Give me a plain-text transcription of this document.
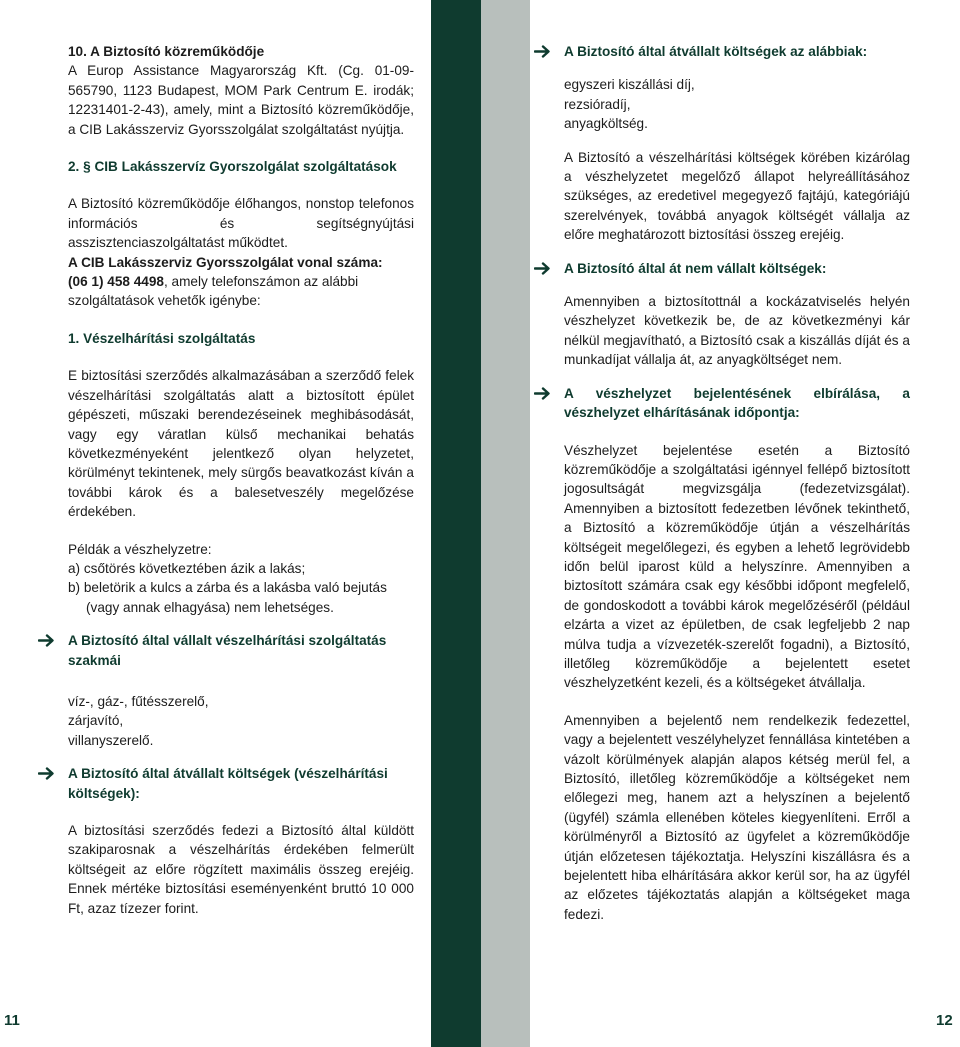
10. A Biztosító közreműködője

A Europ Assistance Magyarország Kft. (Cg. 01-09-565790, 1123 Budapest, MOM Park Centrum E. irodák; 12231401-2-43), amely, mint a Biztosító közreműködője, a CIB Lakásszerviz Gyorsszolgálat szolgáltatást nyújtja.

2. § CIB Lakásszervíz Gyorszolgálat szolgáltatások

A Biztosító közreműködője élőhangos, nonstop telefonos információs és segítségnyújtási asszisztenciaszolgáltatást működtet.

A CIB Lakásszerviz Gyorsszolgálat vonal száma:

(06 1) 458 4498, amely telefonszámon az alábbi szolgáltatások vehetők igénybe:

1. Vészelhárítási szolgáltatás

E biztosítási szerződés alkalmazásában a szerződő felek vészelhárítási szolgáltatás alatt a biztosított épület gépészeti, műszaki berendezéseinek meghibásodását, vagy egy váratlan külső mechanikai behatás következményeként jelentkező olyan helyzetet, körülményt tekintenek, mely sürgős beavatkozást kíván a további károk és a balesetveszély megelőzése érdekében.

Példák a vészhelyzetre:

a) csőtörés következtében ázik a lakás;

b) beletörik a kulcs a zárba és a lakásba való bejutás (vagy annak elhagyása) nem lehetséges.

A Biztosító által vállalt vészelhárítási szolgáltatás szakmái

víz-, gáz-, fűtésszerelő,

zárjavító,

villanyszerelő.

A Biztosító által átvállalt költségek (vészelhárítási költségek):

A biztosítási szerződés fedezi a Biztosító által küldött szakiparosnak a vészelhárítás érdekében felmerült költségeit az előre rögzített maximális összeg erejéig. Ennek mértéke biztosítási eseményenként bruttó 10 000 Ft, azaz tízezer forint.

A Biztosító által átvállalt költségek az alábbiak:

egyszeri kiszállási díj,

rezsióradíj,

anyagköltség.

A Biztosító a vészelhárítási költségek körében kizárólag a vészhelyzetet megelőző állapot helyreállításához szükséges, az eredetivel megegyező fajtájú, kategóriájú szerelvények, továbbá anyagok költségét vállalja az előre meghatározott biztosítási összeg erejéig.

A Biztosító által át nem vállalt költségek:

Amennyiben a biztosítottnál a kockázatviselés helyén vészhelyzet következik be, de az következményi kár nélkül megjavítható, a Biztosító csak a kiszállás díját és a munkadíjat vállalja át, az anyagköltséget nem.

A vészhelyzet bejelentésének elbírálása, a vészhelyzet elhárításának időpontja:

Vészhelyzet bejelentése esetén a Biztosító közreműködője a szolgáltatási igénnyel fellépő biztosított jogosultságát megvizsgálja (fedezetvizsgálat). Amennyiben a biztosított fedezetben lévőnek tekinthető, a Biztosító a közreműködője útján a vészelhárítás költségeit megelőlegezi, és egyben a lehető legrövidebb időn belül iparost küld a helyszínre. Amennyiben a biztosított számára csak egy későbbi időpont megfelelő, de gondoskodott a további károk megelőzéséről (például elzárta a vizet az épületben, de csak legfeljebb 2 nap múlva tudja a vízvezeték-szerelőt fogadni), a Biztosító, illetőleg közreműködője a bejelentett esetet vészhelyzetként kezeli, és a költségeket átvállalja.

Amennyiben a bejelentő nem rendelkezik fedezettel, vagy a bejelentett veszélyhelyzet fennállása kintetében a vázolt körülmények alapján alapos kétség merül fel, a Biztosító, illetőleg közreműködője a költségeket nem előlegezi meg, hanem azt a helyszínen a bejelentő (ügyfél) számla ellenében köteles kiegyenlíteni. Erről a körülményről a Biztosító az ügyfelet a közreműködője útján előzetesen tájékoztatja. Helyszíni kiszállásra és a bejelentett hiba elhárítására akkor kerül sor, ha az ügyfél az előzetes tájékoztatás alapján a költségeket maga fedezi.

11	12
